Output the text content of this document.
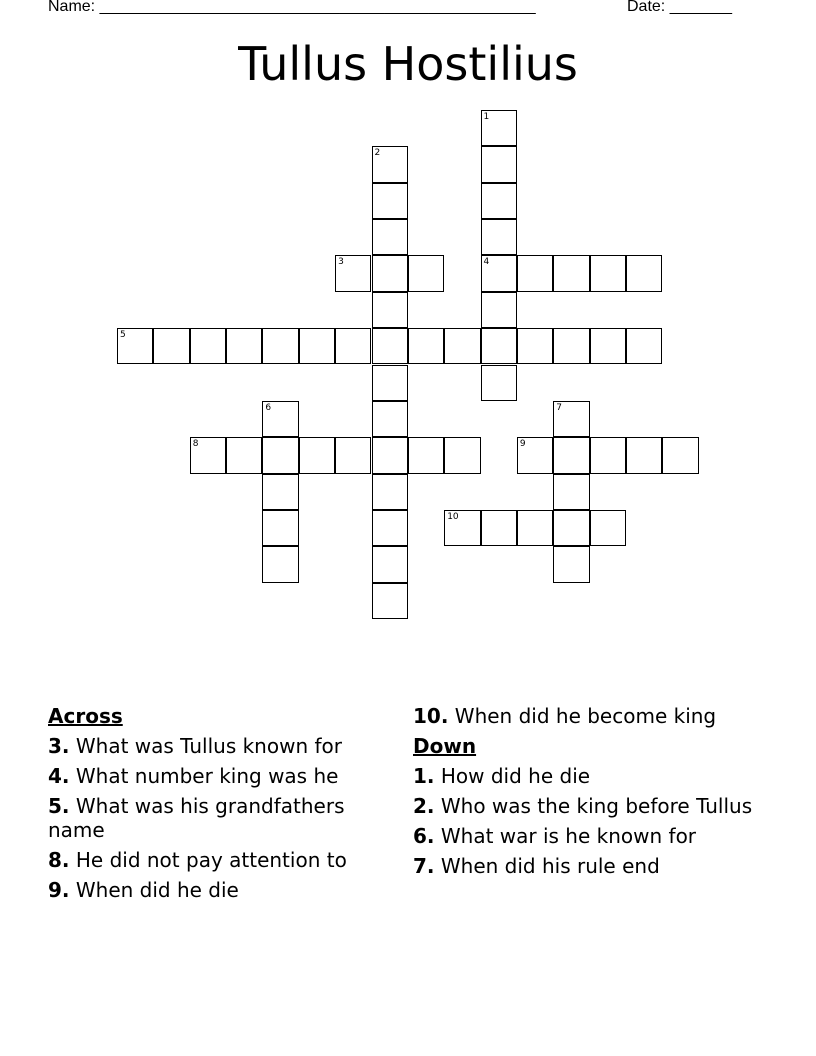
Name: _________________________________________________	Date: _______
Tullus Hostilius
1
4
2
3
5
6	7
8	9
10
Across
3. What was Tullus known for
4. What number king was he
5. What was his grandfathers name
8. He did not pay attention to
9. When did he die
10. When did he become king
Down
1. How did he die
2. Who was the king before Tullus
6. What war is he known for
7. When did his rule end
